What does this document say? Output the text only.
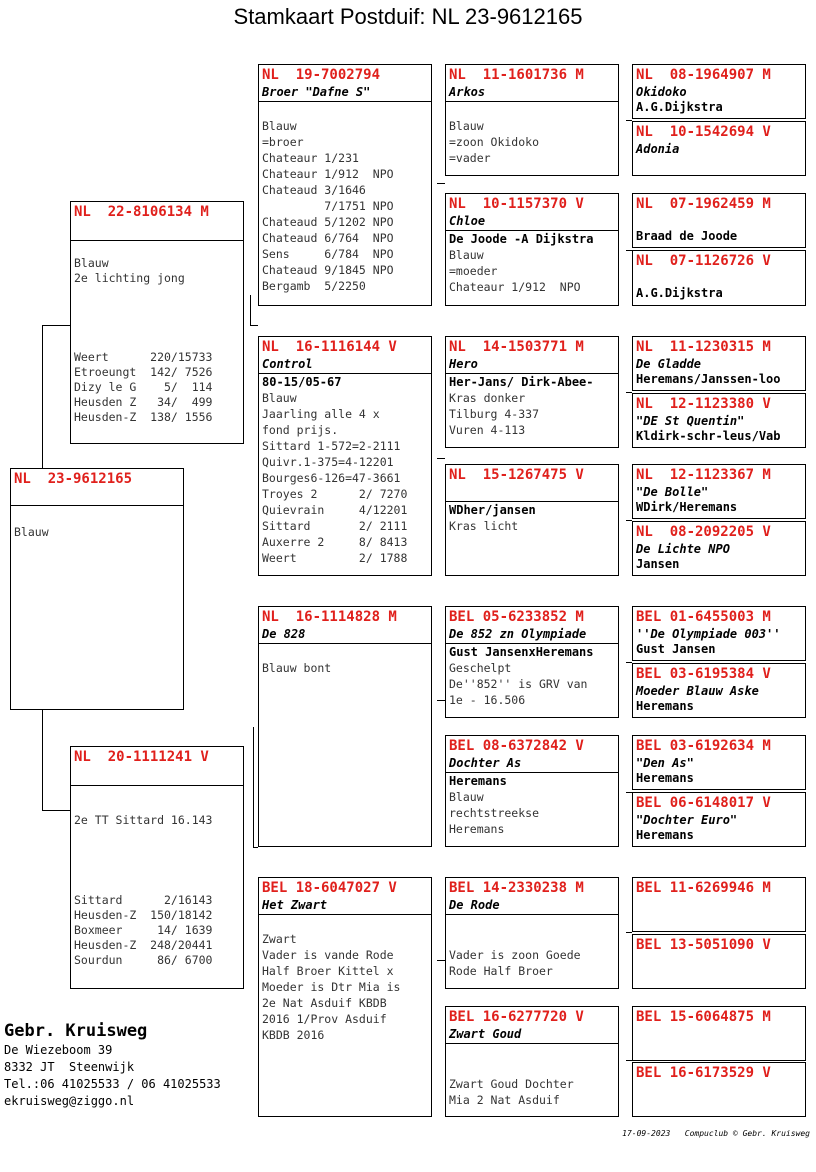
Stamkaart Postduif: NL 23-9612165
NL  23-9612165
Blauw
NL  22-8106134 M
Blauw
2e lichting jong
Weert      220/15733
Etroeungt  142/ 7526
Dizy le G    5/  114
Heusden Z   34/  499
Heusden-Z  138/ 1556
NL  20-1111241 V
2e TT Sittard 16.143
Sittard      2/16143
Heusden-Z  150/18142
Boxmeer     14/ 1639
Heusden-Z  248/20441
Sourdun     86/ 6700
NL  19-7002794
Broer "Dafne S"
Blauw
=broer
Chateaur 1/231
Chateaur 1/912  NPO
Chateaud 3/1646
7/1751 NPO
Chateaud 5/1202 NPO
Chateaud 6/764  NPO
Sens     6/784  NPO
Chateaud 9/1845 NPO
Bergamb  5/2250
NL  16-1116144 V
Control
80-15/05-67
Blauw
Jaarling alle 4 x
fond prijs.
Sittard 1-572=2-2111
Quivr.1-375=4-12201
Bourges6-126=47-3661
Troyes 2      2/ 7270
Quievrain     4/12201
Sittard       2/ 2111
Auxerre 2     8/ 8413
Weert         2/ 1788
NL  16-1114828 M
De 828
Blauw bont
BEL 18-6047027 V
Het Zwart
Zwart
Vader is vande Rode
Half Broer Kittel x
Moeder is Dtr Mia is
2e Nat Asduif KBDB
2016 1/Prov Asduif
KBDB 2016
NL  11-1601736 M
Arkos
Blauw
=zoon Okidoko
=vader
NL  10-1157370 V
Chloe
De Joode -A Dijkstra
Blauw
=moeder
Chateaur 1/912  NPO
NL  14-1503771 M
Hero
Her-Jans/ Dirk-Abee-
Kras donker
Tilburg 4-337
Vuren 4-113
NL  15-1267475 V
WDher/jansen
Kras licht
BEL 05-6233852 M
De 852 zn Olympiade
Gust JansenxHeremans
Geschelpt
De''852'' is GRV van
1e - 16.506
BEL 08-6372842 V
Dochter As
Heremans
Blauw
rechtstreekse
Heremans
BEL 14-2330238 M
De Rode
Vader is zoon Goede
Rode Half Broer
BEL 16-6277720 V
Zwart Goud
Zwart Goud Dochter
Mia 2 Nat Asduif
NL  08-1964907 M
Okidoko
A.G.Dijkstra
NL  10-1542694 V
Adonia
NL  07-1962459 M
Braad de Joode
NL  07-1126726 V
A.G.Dijkstra
NL  11-1230315 M
De Gladde
Heremans/Janssen-loo
NL  12-1123380 V
"DE St Quentin"
Kldirk-schr-leus/Vab
NL  12-1123367 M
"De Bolle"
WDirk/Heremans
NL  08-2092205 V
De Lichte NPO
Jansen
BEL 01-6455003 M
''De Olympiade 003''
Gust Jansen
BEL 03-6195384 V
Moeder Blauw Aske
Heremans
BEL 03-6192634 M
"Den As"
Heremans
BEL 06-6148017 V
"Dochter Euro"
Heremans
BEL 11-6269946 M
BEL 13-5051090 V
BEL 15-6064875 M
BEL 16-6173529 V
Gebr. Kruisweg
De Wiezeboom 39
8332 JT  Steenwijk
Tel.:06 41025533 / 06 41025533
ekruisweg@ziggo.nl
17-09-2023   Compuclub © Gebr. Kruisweg
